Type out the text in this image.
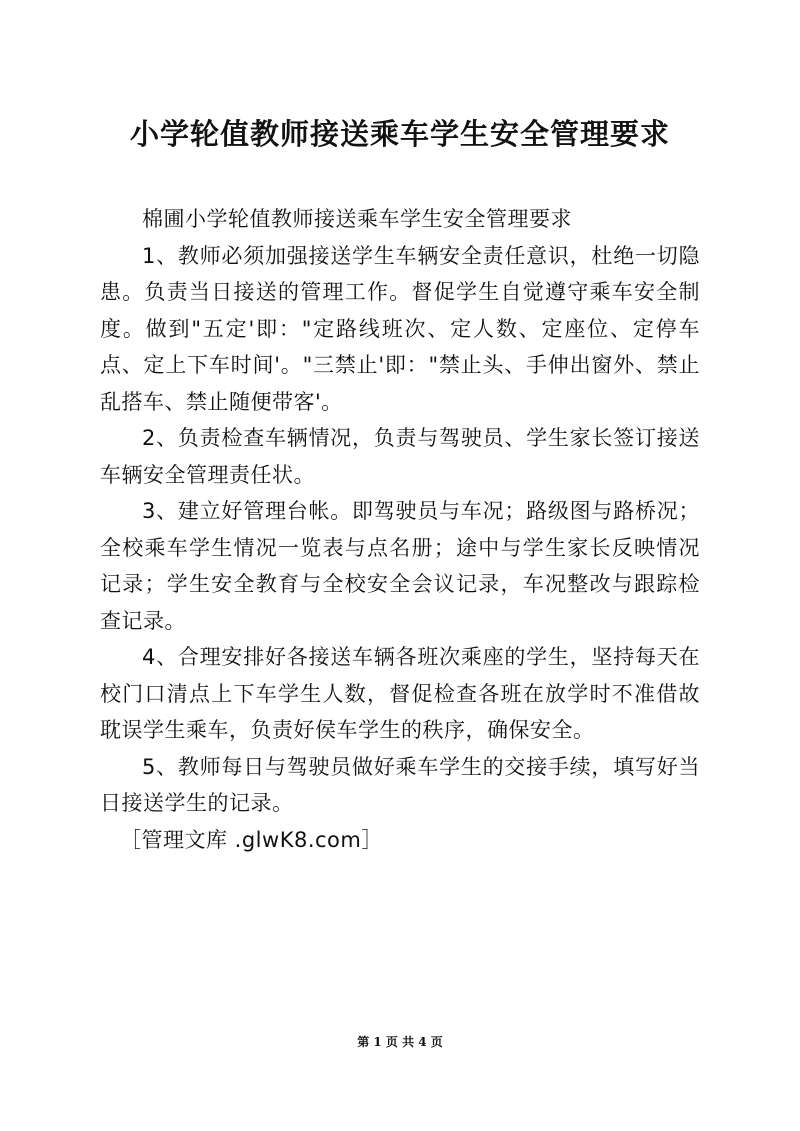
小学轮值教师接送乘车学生安全管理要求

棉圃小学轮值教师接送乘车学生安全管理要求

1、教师必须加强接送学生车辆安全责任意识，杜绝一切隐患。负责当日接送的管理工作。督促学生自觉遵守乘车安全制度。做到"五定'即："定路线班次、定人数、定座位、定停车点、定上下车时间'。"三禁止'即："禁止头、手伸出窗外、禁止乱搭车、禁止随便带客'。

2、负责检查车辆情况，负责与驾驶员、学生家长签订接送车辆安全管理责任状。

3、建立好管理台帐。即驾驶员与车况；路级图与路桥况；全校乘车学生情况一览表与点名册；途中与学生家长反映情况记录；学生安全教育与全校安全会议记录，车况整改与跟踪检查记录。

4、合理安排好各接送车辆各班次乘座的学生，坚持每天在校门口清点上下车学生人数，督促检查各班在放学时不准借故耽误学生乘车，负责好侯车学生的秩序，确保安全。

5、教师每日与驾驶员做好乘车学生的交接手续，填写好当日接送学生的记录。

［管理文库 .glwK8.com］

第 1 页 共 4 页
